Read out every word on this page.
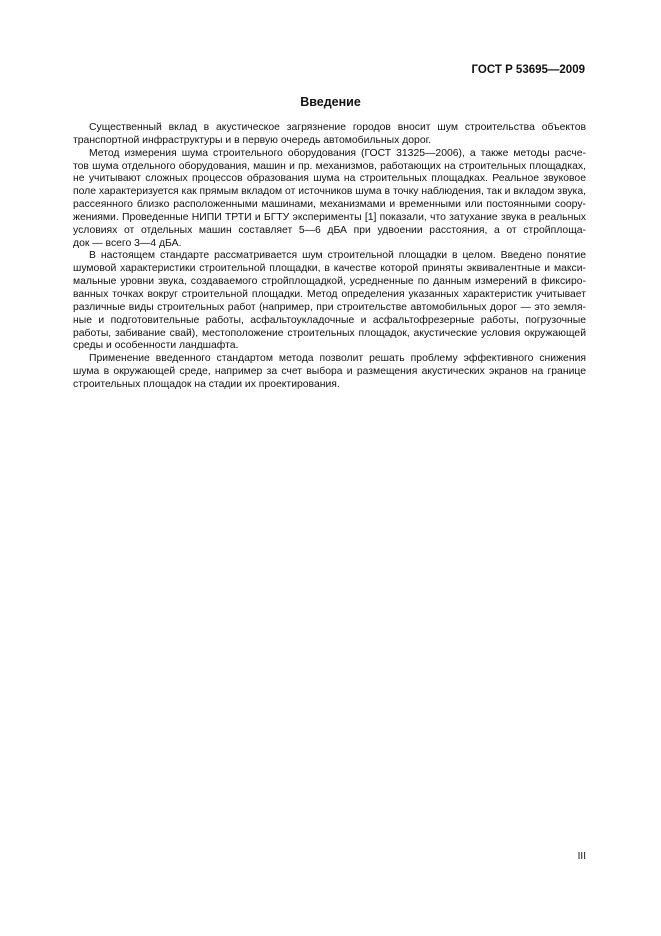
ГОСТ Р 53695—2009
Введение
Существенный вклад в акустическое загрязнение городов вносит шум строительства объектов
транспортной инфраструктуры и в первую очередь автомобильных дорог.
Метод измерения шума строительного оборудования (ГОСТ 31325—2006), а также методы расче-
тов шума отдельного оборудования, машин и пр. механизмов, работающих на строительных площадках,
не учитывают сложных процессов образования шума на строительных площадках. Реальное звуковое
поле характеризуется как прямым вкладом от источников шума в точку наблюдения, так и вкладом звука,
рассеянного близко расположенными машинами, механизмами и временными или постоянными соору-
жениями. Проведенные НИПИ ТРТИ и БГТУ эксперименты [1] показали, что затухание звука в реальных
условиях от отдельных машин составляет 5—6 дБА при удвоении расстояния, а от стройплоща-
док — всего 3—4 дБА.
В настоящем стандарте рассматривается шум строительной площадки в целом. Введено понятие
шумовой характеристики строительной площадки, в качестве которой приняты эквивалентные и макси-
мальные уровни звука, создаваемого стройплощадкой, усредненные по данным измерений в фиксиро-
ванных точках вокруг строительной площадки. Метод определения указанных характеристик учитывает
различные виды строительных работ (например, при строительстве автомобильных дорог — это земля-
ные и подготовительные работы, асфальтоукладочные и асфальтофрезерные работы, погрузочные
работы, забивание свай), местоположение строительных площадок, акустические условия окружающей
среды и особенности ландшафта.
Применение введенного стандартом метода позволит решать проблему эффективного снижения
шума в окружающей среде, например за счет выбора и размещения акустических экранов на границе
строительных площадок на стадии их проектирования.
III
